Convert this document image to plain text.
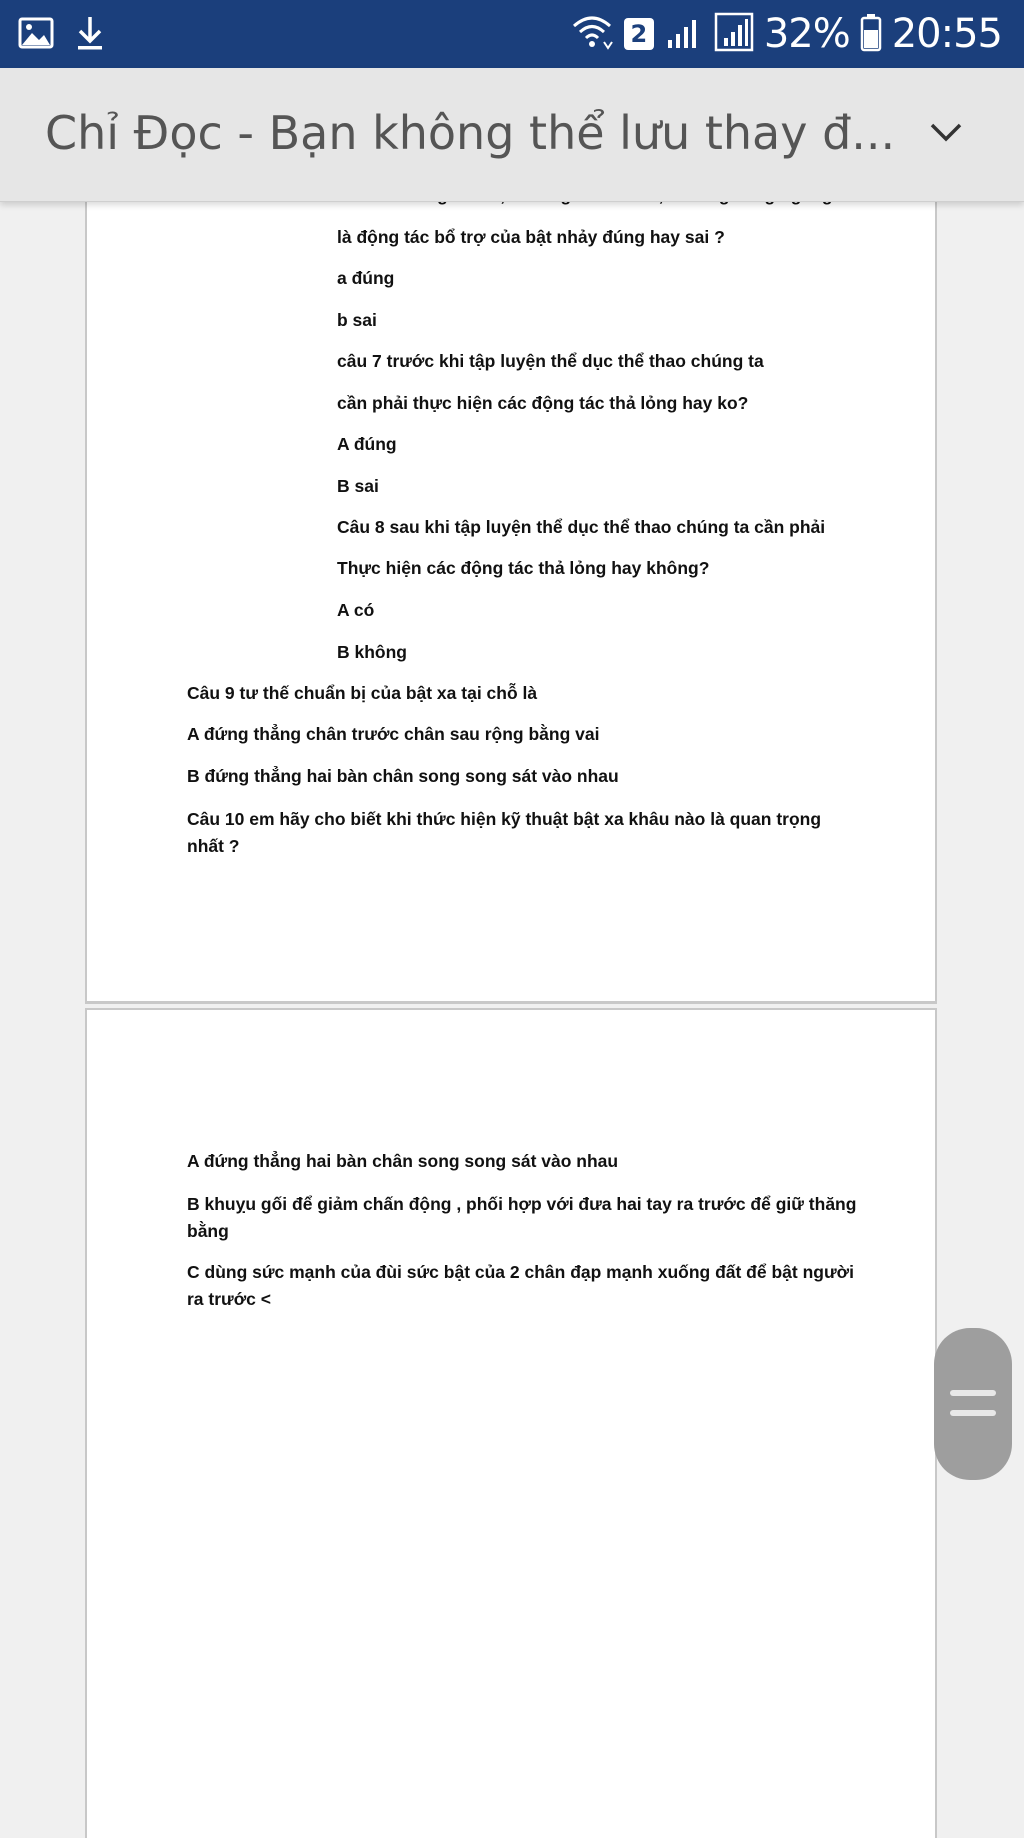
2	32% 20:55
Chỉ Đọc - Bạn không thể lưu thay đ...
là động tác bổ trợ của bật nhảy đúng hay sai ?
a đúng
b sai
câu 7 trước khi tập luyện thể dục thể thao chúng ta
cần phải thực hiện các động tác thả lỏng hay ko?
A đúng
B sai
Câu 8 sau khi tập luyện thể dục thể thao chúng ta cần phải
Thực hiện các động tác thả lỏng hay không?
A có
B không
Câu 9 tư thế chuẩn bị của bật xa tại chỗ là
A đứng thẳng chân trước chân sau rộng bằng vai
B đứng thẳng hai bàn chân song song sát vào nhau
Câu 10 em hãy cho biết khi thức hiện kỹ thuật bật xa khâu nào là quan trọng nhất ?
A đứng thẳng hai bàn chân song song sát vào nhau
B khuỵu gối để giảm chấn động , phối hợp với đưa hai tay ra trước để giữ thăng bằng
C dùng sức mạnh của đùi sức bật của 2 chân đạp mạnh xuống đất để bật người ra trước <
